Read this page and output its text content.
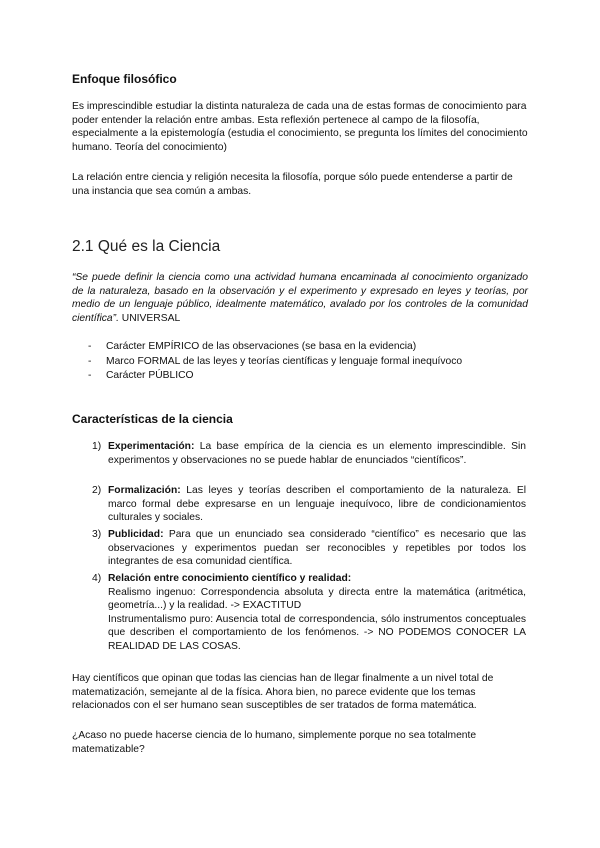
Enfoque filosófico

Es imprescindible estudiar la distinta naturaleza de cada una de estas formas de conocimiento para poder entender la relación entre ambas. Esta reflexión pertenece al campo de la filosofía, especialmente a la epistemología (estudia el conocimiento, se pregunta los límites del conocimiento humano. Teoría del conocimiento)

La relación entre ciencia y religión necesita la filosofía, porque sólo puede entenderse a partir de una instancia que sea común a ambas.

2.1 Qué es la Ciencia

“Se puede definir la ciencia como una actividad humana encaminada al conocimiento organizado de la naturaleza, basado en la observación y el experimento y expresado en leyes y teorías, por medio de un lenguaje público, idealmente matemático, avalado por los controles de la comunidad científica”. UNIVERSAL

- Carácter EMPÍRICO de las observaciones (se basa en la evidencia)
- Marco FORMAL de las leyes y teorías científicas y lenguaje formal inequívoco
- Carácter PÚBLICO
Características de la ciencia
1) Experimentación: La base empírica de la ciencia es un elemento imprescindible. Sin experimentos y observaciones no se puede hablar de enunciados “científicos”.
2) Formalización: Las leyes y teorías describen el comportamiento de la naturaleza. El marco formal debe expresarse en un lenguaje inequívoco, libre de condicionamientos culturales y sociales.
3) Publicidad: Para que un enunciado sea considerado “científico” es necesario que las observaciones y experimentos puedan ser reconocibles y repetibles por todos los integrantes de esa comunidad científica.
4) Relación entre conocimiento científico y realidad:
Realismo ingenuo: Correspondencia absoluta y directa entre la matemática (aritmética, geometría...) y la realidad. -> EXACTITUD
Instrumentalismo puro: Ausencia total de correspondencia, sólo instrumentos conceptuales que describen el comportamiento de los fenómenos. -> NO PODEMOS CONOCER LA REALIDAD DE LAS COSAS.

Hay científicos que opinan que todas las ciencias han de llegar finalmente a un nivel total de matematización, semejante al de la física. Ahora bien, no parece evidente que los temas relacionados con el ser humano sean susceptibles de ser tratados de forma matemática.

¿Acaso no puede hacerse ciencia de lo humano, simplemente porque no sea totalmente matematizable?
